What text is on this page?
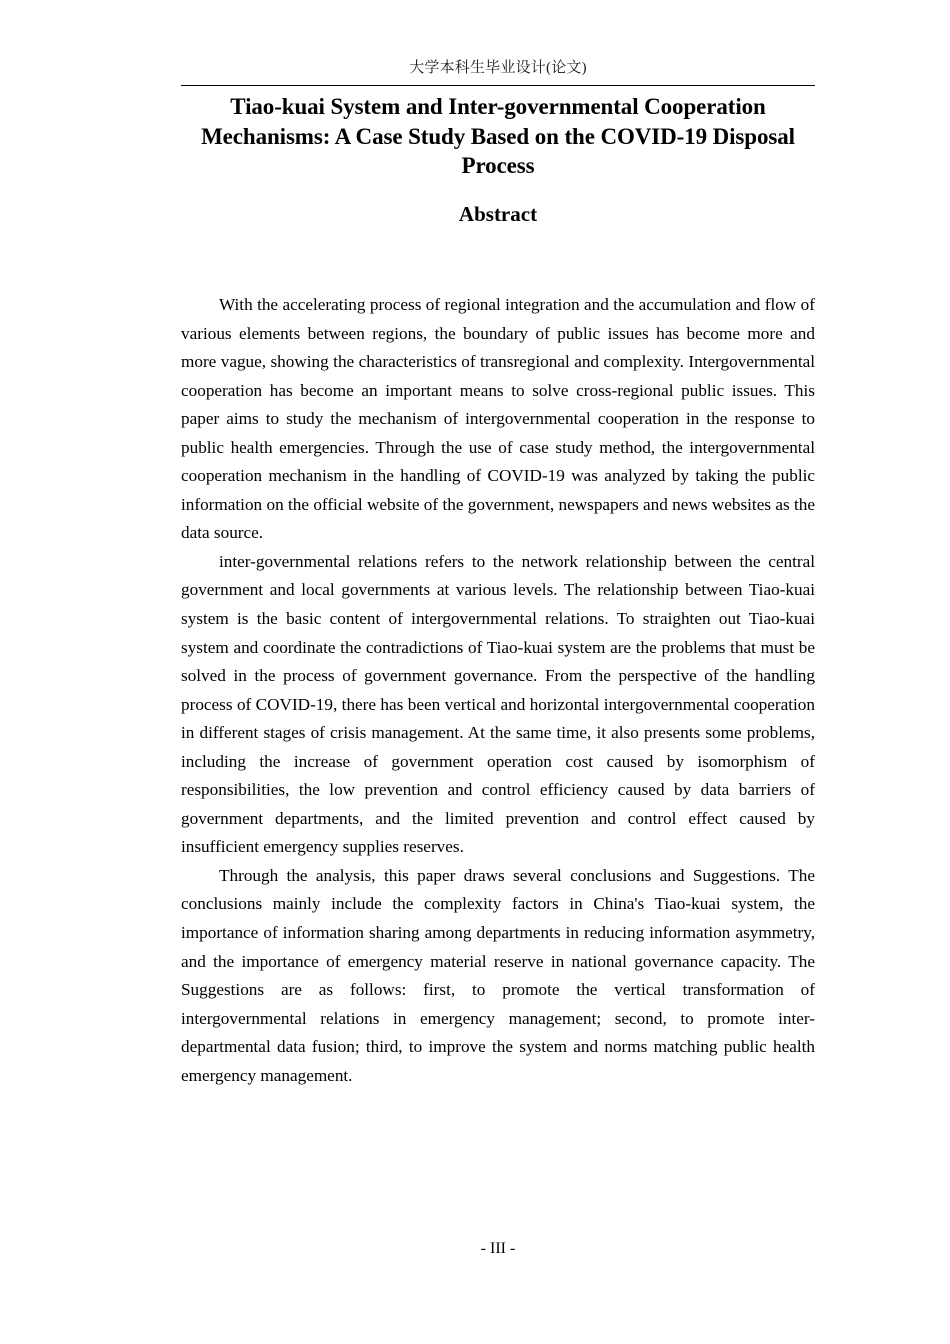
大学本科生毕业设计(论文)
Tiao-kuai System and Inter-governmental Cooperation
Mechanisms: A Case Study Based on the COVID-19 Disposal
Process
Abstract

With the accelerating process of regional integration and the accumulation and flow of various elements between regions, the boundary of public issues has become more and more vague, showing the characteristics of transregional and complexity. Intergovernmental cooperation has become an important means to solve cross-regional public issues. This paper aims to study the mechanism of intergovernmental cooperation in the response to public health emergencies. Through the use of case study method, the intergovernmental cooperation mechanism in the handling of COVID-19 was analyzed by taking the public information on the official website of the government, newspapers and news websites as the data source.

inter-governmental relations refers to the network relationship between the central government and local governments at various levels. The relationship between Tiao-kuai system is the basic content of intergovernmental relations. To straighten out Tiao-kuai system and coordinate the contradictions of Tiao-kuai system are the problems that must be solved in the process of government governance. From the perspective of the handling process of COVID-19, there has been vertical and horizontal intergovernmental cooperation in different stages of crisis management. At the same time, it also presents some problems, including the increase of government operation cost caused by isomorphism of responsibilities, the low prevention and control efficiency caused by data barriers of government departments, and the limited prevention and control effect caused by insufficient emergency supplies reserves.

Through the analysis, this paper draws several conclusions and Suggestions. The conclusions mainly include the complexity factors in China's Tiao-kuai system, the importance of information sharing among departments in reducing information asymmetry, and the importance of emergency material reserve in national governance capacity. The Suggestions are as follows: first, to promote the vertical transformation of intergovernmental relations in emergency management; second, to promote inter-departmental data fusion; third, to improve the system and norms matching public health emergency management.

- III -
